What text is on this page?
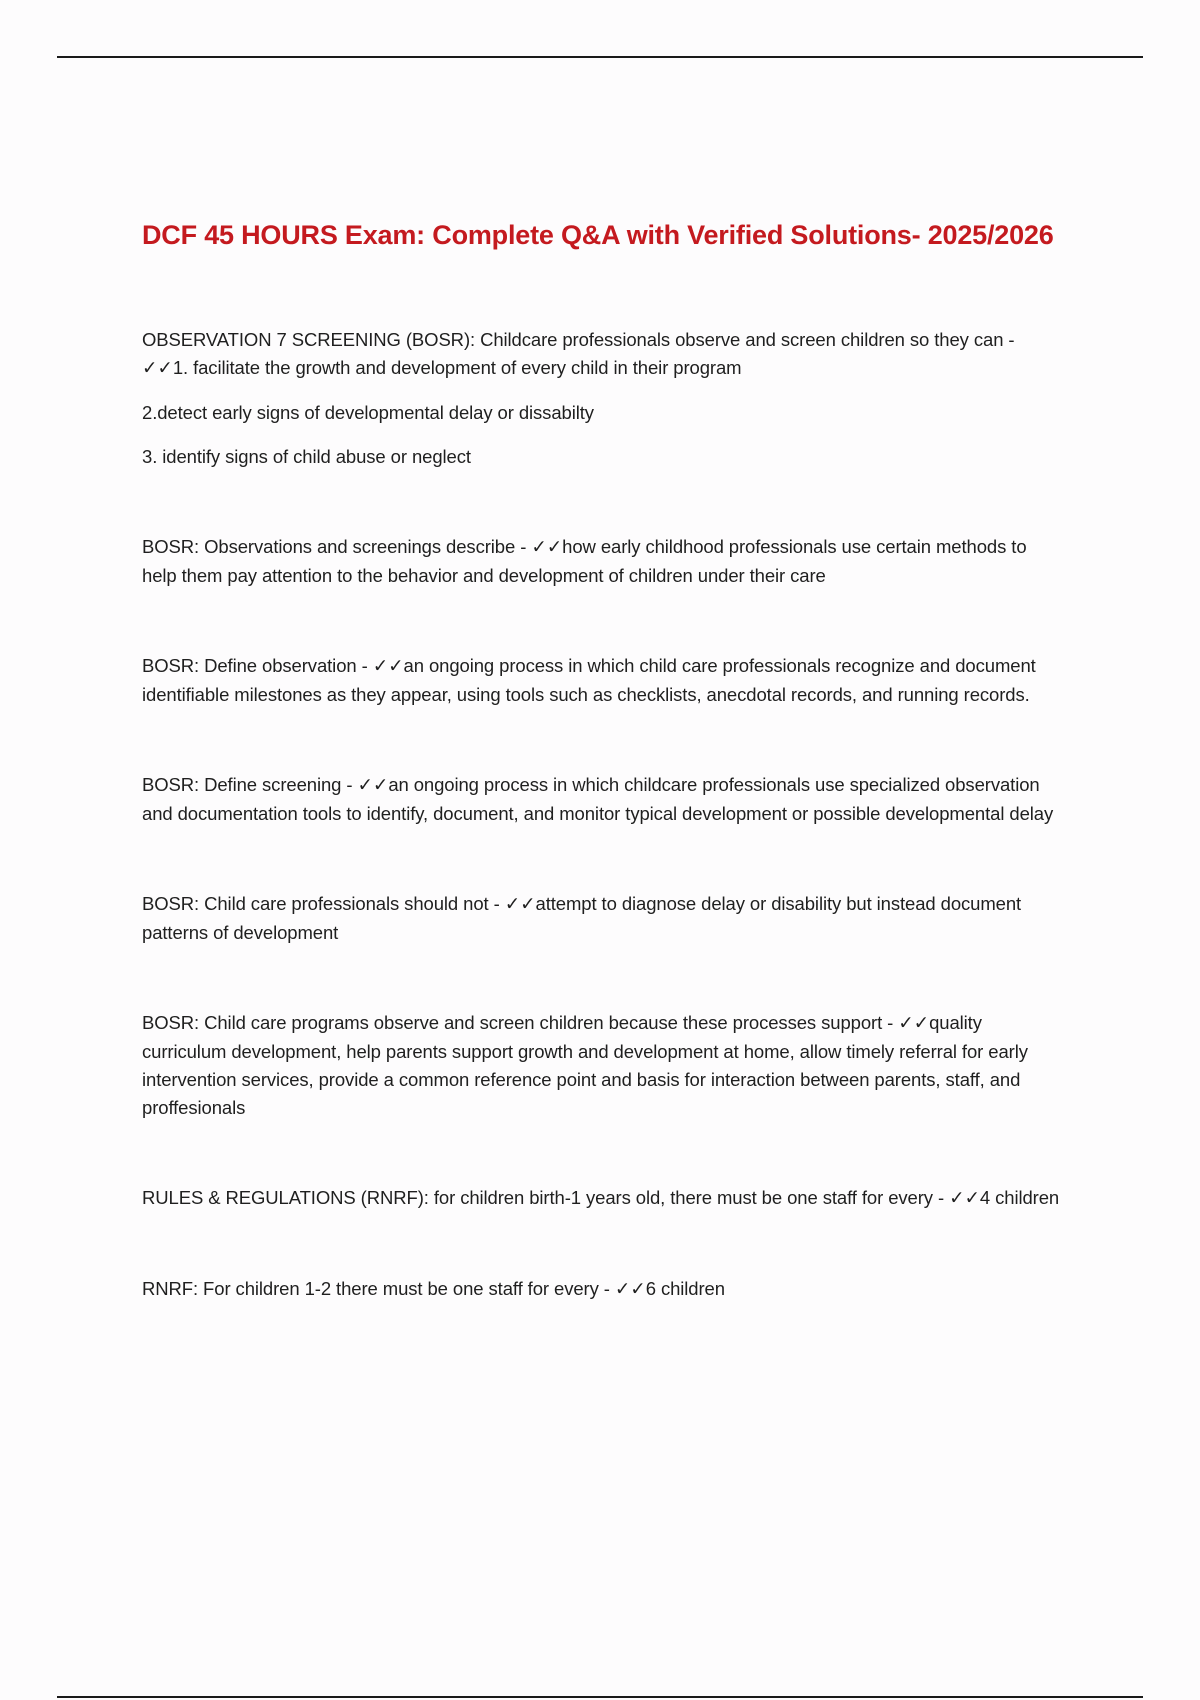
DCF 45 HOURS Exam: Complete Q&A with Verified Solutions- 2025/2026

OBSERVATION 7 SCREENING (BOSR): Childcare professionals observe and screen children so they can -
✓✓1. facilitate the growth and development of every child in their program
2.detect early signs of developmental delay or dissabilty
3. identify signs of child abuse or neglect

BOSR: Observations and screenings describe - ✓✓how early childhood professionals use certain methods to help them pay attention to the behavior and development of children under their care

BOSR: Define observation - ✓✓an ongoing process in which child care professionals recognize and document identifiable milestones as they appear, using tools such as checklists, anecdotal records, and running records.

BOSR: Define screening - ✓✓an ongoing process in which childcare professionals use specialized observation and documentation tools to identify, document, and monitor typical development or possible developmental delay

BOSR: Child care professionals should not - ✓✓attempt to diagnose delay or disability but instead document patterns of development

BOSR: Child care programs observe and screen children because these processes support - ✓✓quality curriculum development, help parents support growth and development at home, allow timely referral for early intervention services, provide a common reference point and basis for interaction between parents, staff, and proffesionals

RULES & REGULATIONS (RNRF): for children birth-1 years old, there must be one staff for every - ✓✓4 children

RNRF: For children 1-2 there must be one staff for every - ✓✓6 children
